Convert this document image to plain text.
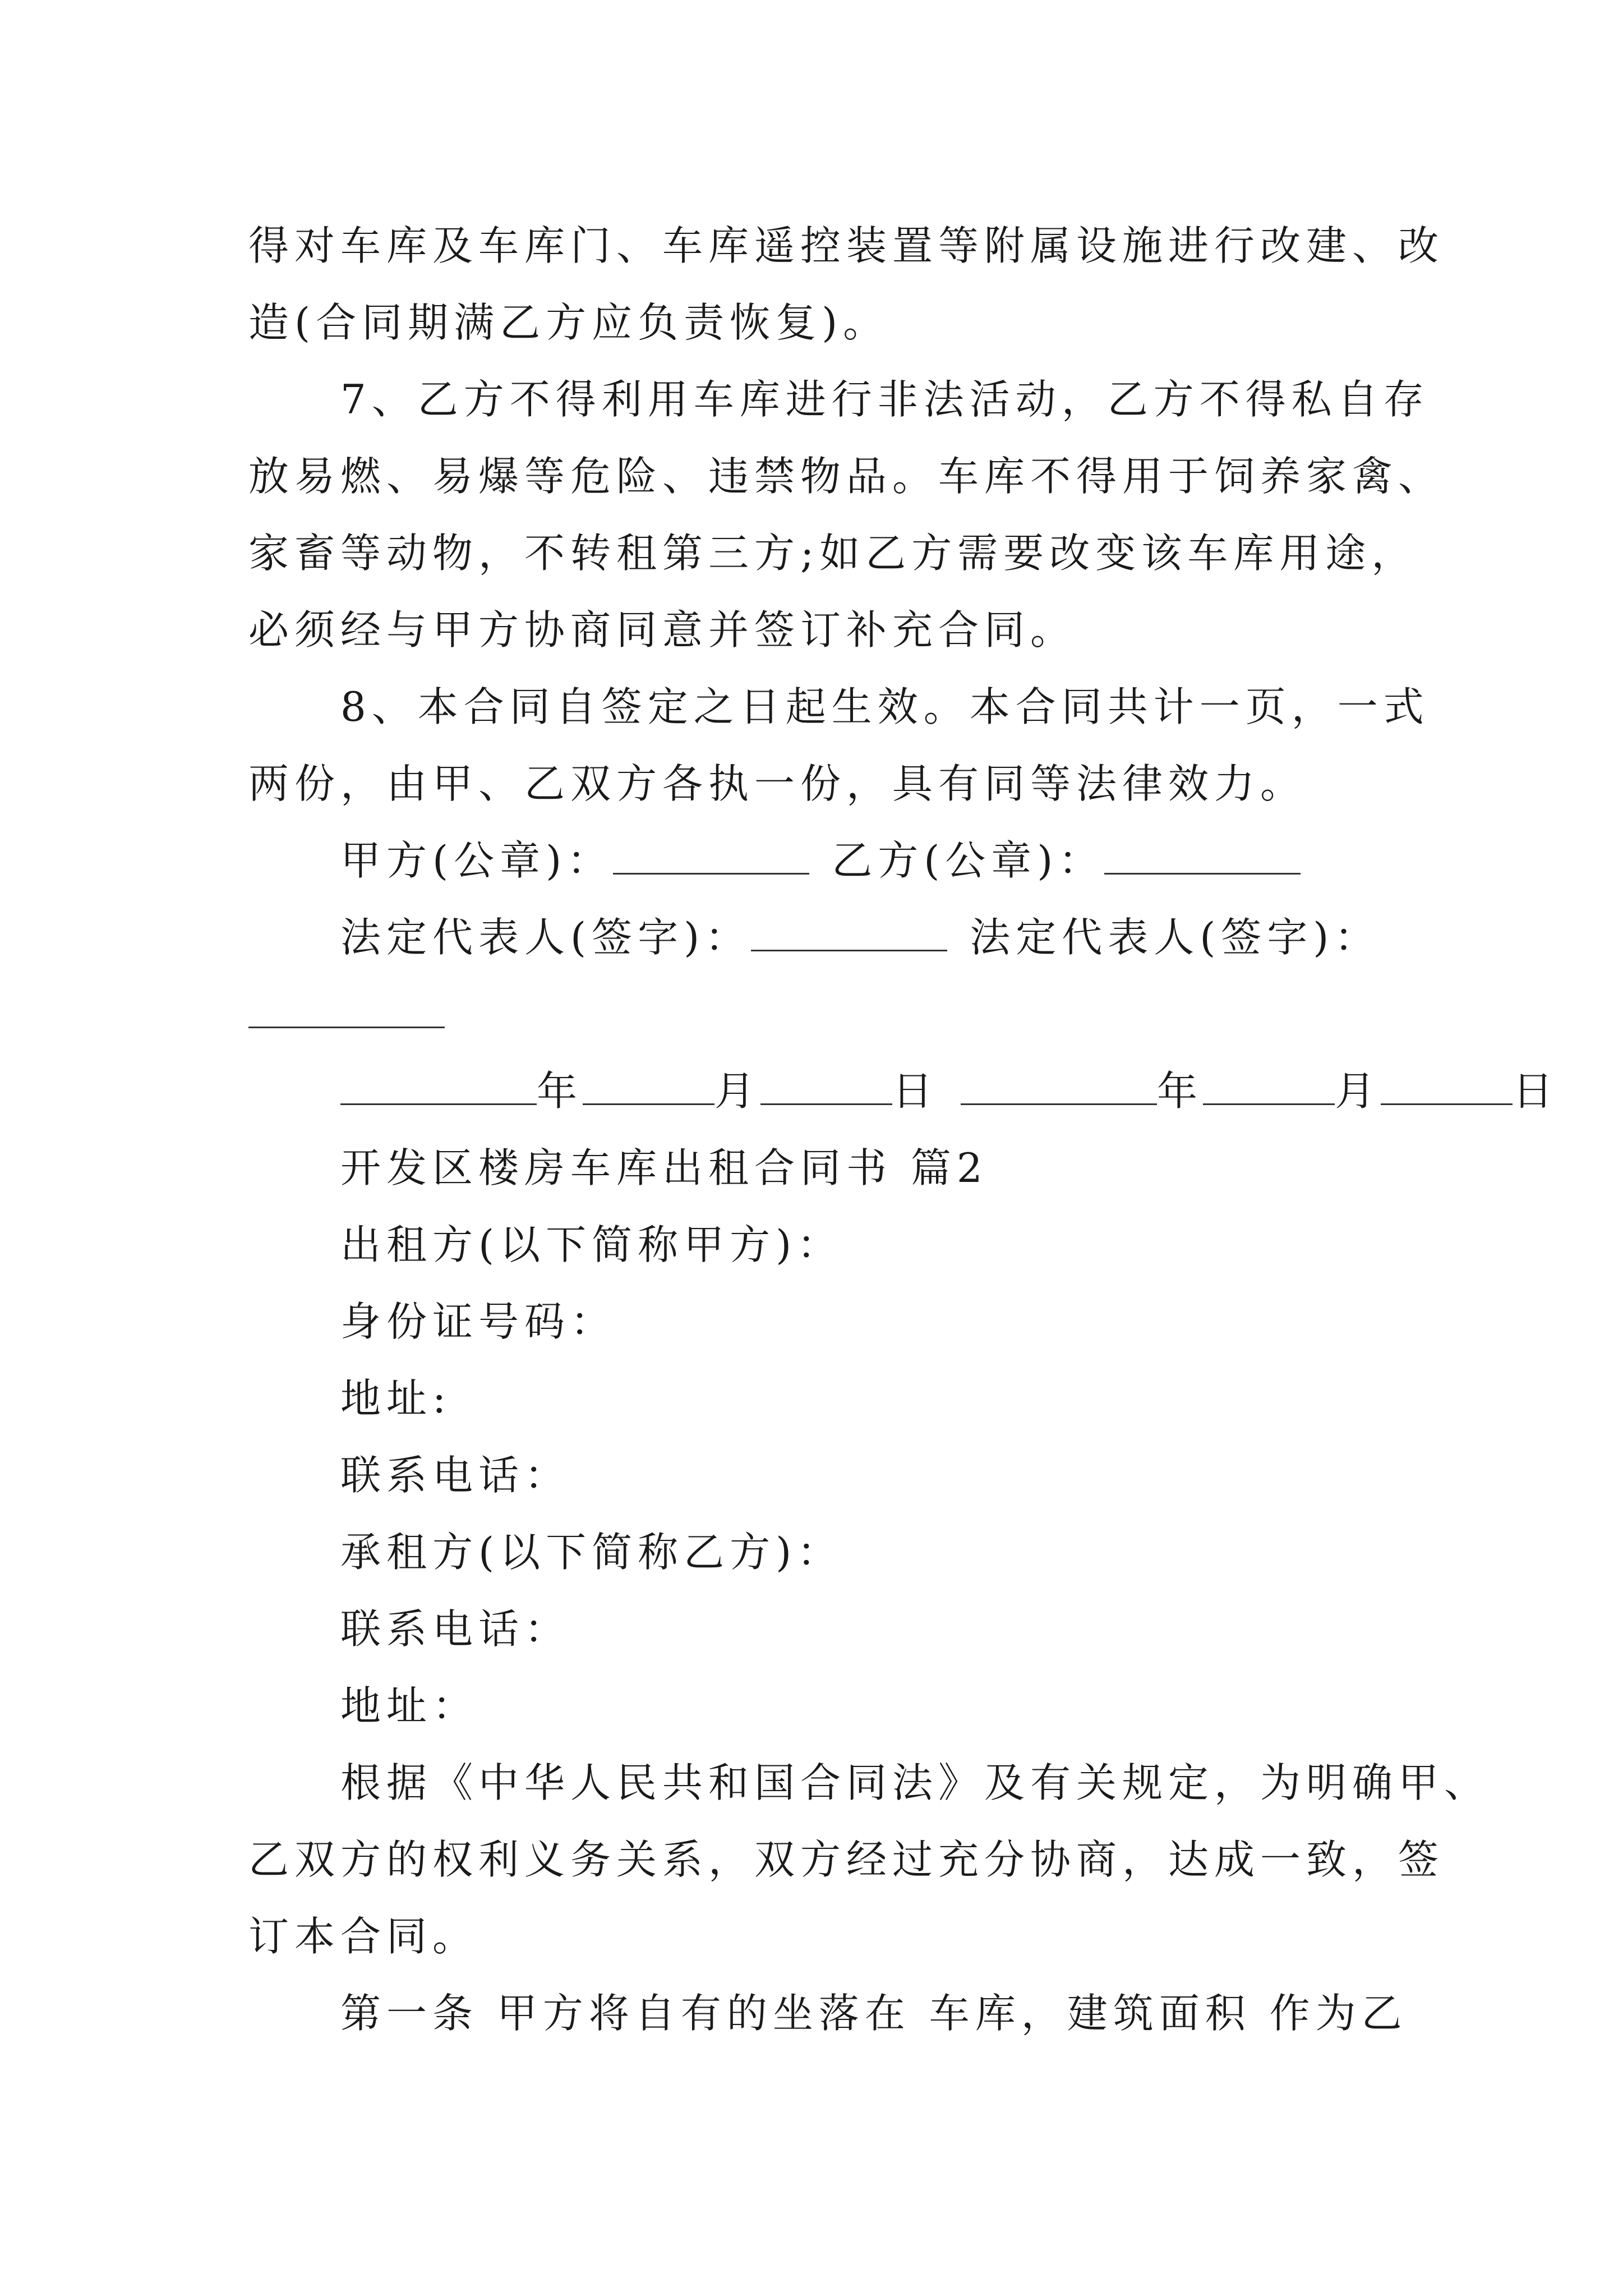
得对车库及车库门、车库遥控装置等附属设施进行改建、改
造(合同期满乙方应负责恢复)。
7、乙方不得利用车库进行非法活动，乙方不得私自存
放易燃、易爆等危险、违禁物品。车库不得用于饲养家禽、
家畜等动物，不转租第三方;如乙方需要改变该车库用途，
必须经与甲方协商同意并签订补充合同。
8、本合同自签定之日起生效。本合同共计一页，一式
两份，由甲、乙双方各执一份，具有同等法律效力。
甲方(公章)：	乙方(公章)：
法定代表人(签字)：	法定代表人(签字)：
年	月	日	年	月	日
开发区楼房车库出租合同书 篇2
出租方(以下简称甲方)：
身份证号码：
地址:
联系电话：
承租方(以下简称乙方)：
联系电话：
地址：
根据《中华人民共和国合同法》及有关规定，为明确甲、
乙双方的权利义务关系，双方经过充分协商，达成一致，签
订本合同。
第一条 甲方将自有的坐落在 车库，建筑面积 作为乙
